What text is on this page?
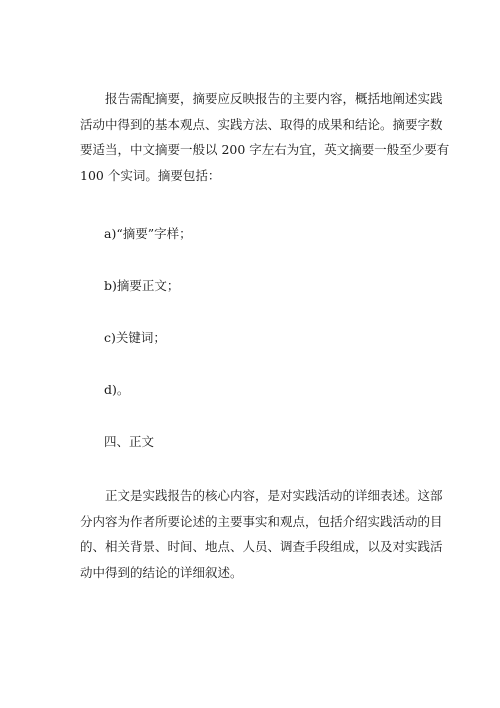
报告需配摘要，摘要应反映报告的主要内容，概括地阐述实践
活动中得到的基本观点、实践方法、取得的成果和结论。摘要字数
要适当，中文摘要一般以 200 字左右为宜，英文摘要一般至少要有
100 个实词。摘要包括：

a)“摘要”字样；

b)摘要正文；

c)关键词；

d)。

四、正文

正文是实践报告的核心内容，是对实践活动的详细表述。这部
分内容为作者所要论述的主要事实和观点，包括介绍实践活动的目
的、相关背景、时间、地点、人员、调查手段组成，以及对实践活
动中得到的结论的详细叙述。
